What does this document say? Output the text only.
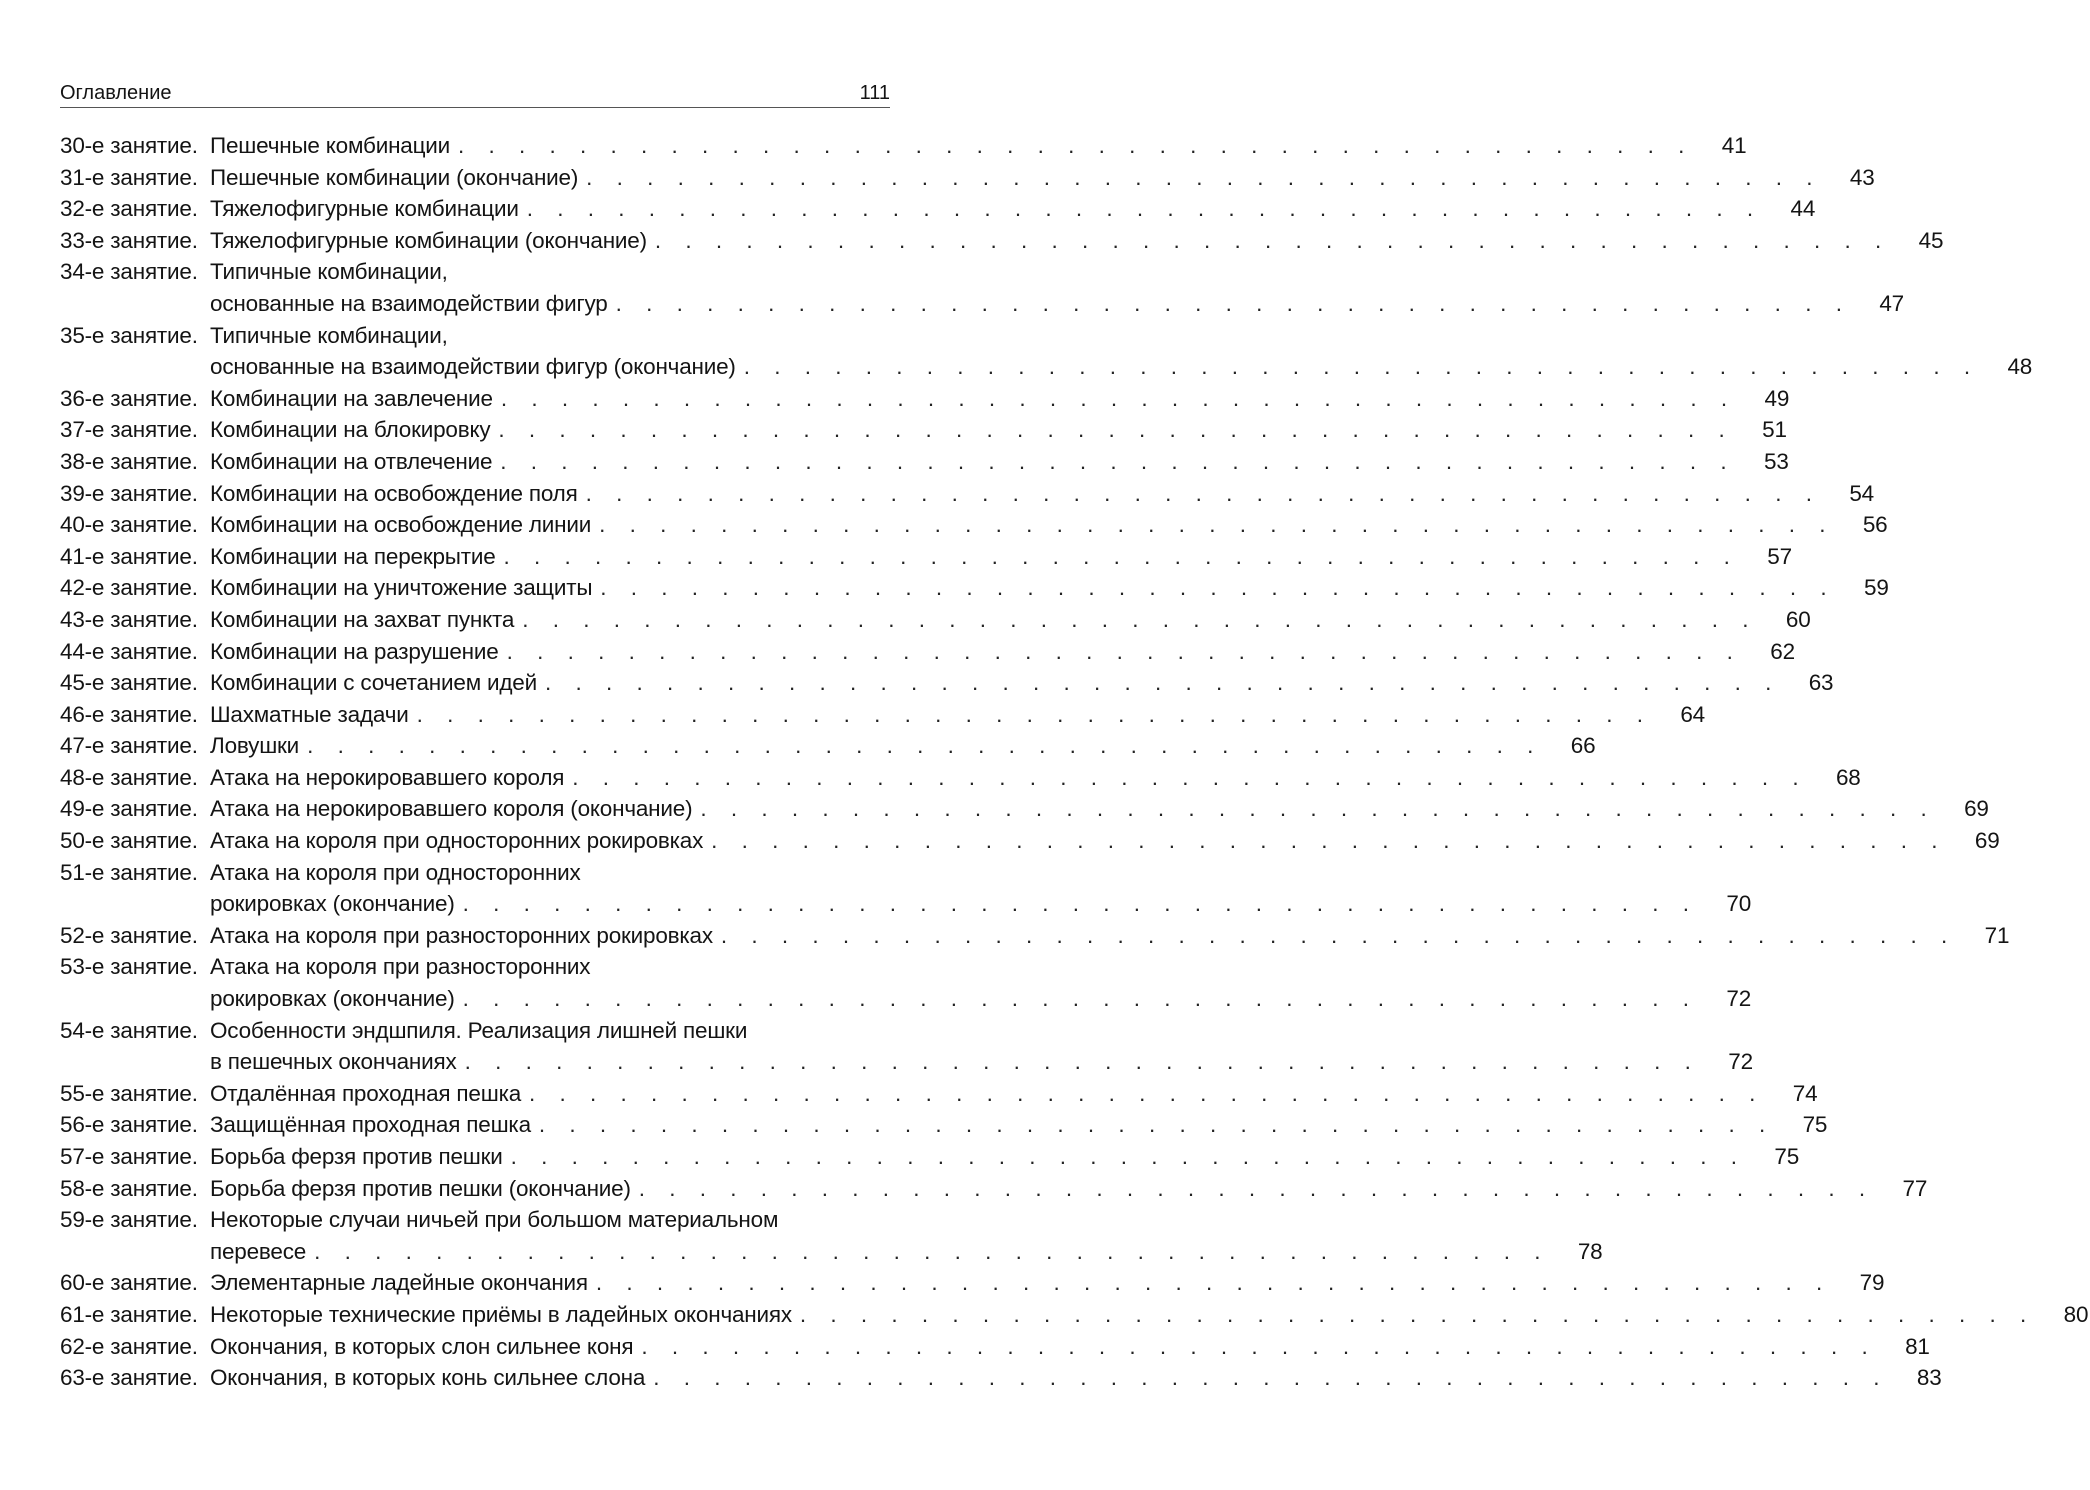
Оглавление	111
30-е занятие. Пешечные комбинации . . . . . . . . . . . . . . . . . . . . . . . . . . . . . . . . . . . . . . . . .	41
31-е занятие. Пешечные комбинации (окончание) . . . . . . . . . . . . . . . . . . . . . . . . . . . . . . . . . . . . . . . . .	43
32-е занятие. Тяжелофигурные комбинации . . . . . . . . . . . . . . . . . . . . . . . . . . . . . . . . . . . . . . . . .	44
33-е занятие. Тяжелофигурные комбинации (окончание) . . . . . . . . . . . . . . . . . . . . . . . . . . . . . . . . . . . . . . . . .	45
34-е занятие. Типичные комбинации,
основанные на взаимодействии фигур . . . . . . . . . . . . . . . . . . . . . . . . . . . . . . . . . . . . . . . . .
	47
35-е занятие. Типичные комбинации,
основанные на взаимодействии фигур (окончание) . . . . . . . . . . . . . . . . . . . . . . . . . . . . . . . . . . . . . . . . .
	48
36-е занятие. Комбинации на завлечение . . . . . . . . . . . . . . . . . . . . . . . . . . . . . . . . . . . . . . . . .	49
37-е занятие. Комбинации на блокировку . . . . . . . . . . . . . . . . . . . . . . . . . . . . . . . . . . . . . . . . .	51
38-е занятие. Комбинации на отвлечение . . . . . . . . . . . . . . . . . . . . . . . . . . . . . . . . . . . . . . . . .	53
39-е занятие. Комбинации на освобождение поля . . . . . . . . . . . . . . . . . . . . . . . . . . . . . . . . . . . . . . . . .	54
40-е занятие. Комбинации на освобождение линии . . . . . . . . . . . . . . . . . . . . . . . . . . . . . . . . . . . . . . . . .	56
41-е занятие. Комбинации на перекрытие . . . . . . . . . . . . . . . . . . . . . . . . . . . . . . . . . . . . . . . . .	57
42-е занятие. Комбинации на уничтожение защиты . . . . . . . . . . . . . . . . . . . . . . . . . . . . . . . . . . . . . . . . .	59
43-е занятие. Комбинации на захват пункта . . . . . . . . . . . . . . . . . . . . . . . . . . . . . . . . . . . . . . . . .	60
44-е занятие. Комбинации на разрушение . . . . . . . . . . . . . . . . . . . . . . . . . . . . . . . . . . . . . . . . .	62
45-е занятие. Комбинации с сочетанием идей . . . . . . . . . . . . . . . . . . . . . . . . . . . . . . . . . . . . . . . . .	63
46-е занятие. Шахматные задачи . . . . . . . . . . . . . . . . . . . . . . . . . . . . . . . . . . . . . . . . .	64
47-е занятие. Ловушки . . . . . . . . . . . . . . . . . . . . . . . . . . . . . . . . . . . . . . . . .	66
48-е занятие. Атака на нерокировавшего короля . . . . . . . . . . . . . . . . . . . . . . . . . . . . . . . . . . . . . . . . .	68
49-е занятие. Атака на нерокировавшего короля (окончание) . . . . . . . . . . . . . . . . . . . . . . . . . . . . . . . . . . . . . . . . .	69
50-е занятие. Атака на короля при односторонних рокировках . . . . . . . . . . . . . . . . . . . . . . . . . . . . . . . . . . . . . . . . .	69
51-е занятие. Атака на короля при односторонних
рокировках (окончание) . . . . . . . . . . . . . . . . . . . . . . . . . . . . . . . . . . . . . . . . .
	70
52-е занятие. Атака на короля при разносторонних рокировках . . . . . . . . . . . . . . . . . . . . . . . . . . . . . . . . . . . . . . . . .	71
53-е занятие. Атака на короля при разносторонних
рокировках (окончание) . . . . . . . . . . . . . . . . . . . . . . . . . . . . . . . . . . . . . . . . .
	72
54-е занятие. Особенности эндшпиля. Реализация лишней пешки
в пешечных окончаниях . . . . . . . . . . . . . . . . . . . . . . . . . . . . . . . . . . . . . . . . .
	72
55-е занятие. Отдалённая проходная пешка . . . . . . . . . . . . . . . . . . . . . . . . . . . . . . . . . . . . . . . . .	74
56-е занятие. Защищённая проходная пешка . . . . . . . . . . . . . . . . . . . . . . . . . . . . . . . . . . . . . . . . .	75
57-е занятие. Борьба ферзя против пешки . . . . . . . . . . . . . . . . . . . . . . . . . . . . . . . . . . . . . . . . .	75
58-е занятие. Борьба ферзя против пешки (окончание) . . . . . . . . . . . . . . . . . . . . . . . . . . . . . . . . . . . . . . . . .	77
59-е занятие. Некоторые случаи ничьей при большом материальном
перевесе . . . . . . . . . . . . . . . . . . . . . . . . . . . . . . . . . . . . . . . . .
	78
60-е занятие. Элементарные ладейные окончания . . . . . . . . . . . . . . . . . . . . . . . . . . . . . . . . . . . . . . . . .	79
61-е занятие. Некоторые технические приёмы в ладейных окончаниях . . . . . . . . . . . . . . . . . . . . . . . . . . . . . . . . . . . . . . . . .	80
62-е занятие. Окончания, в которых слон сильнее коня . . . . . . . . . . . . . . . . . . . . . . . . . . . . . . . . . . . . . . . . .	81
63-е занятие. Окончания, в которых конь сильнее слона . . . . . . . . . . . . . . . . . . . . . . . . . . . . . . . . . . . . . . . . .	83
